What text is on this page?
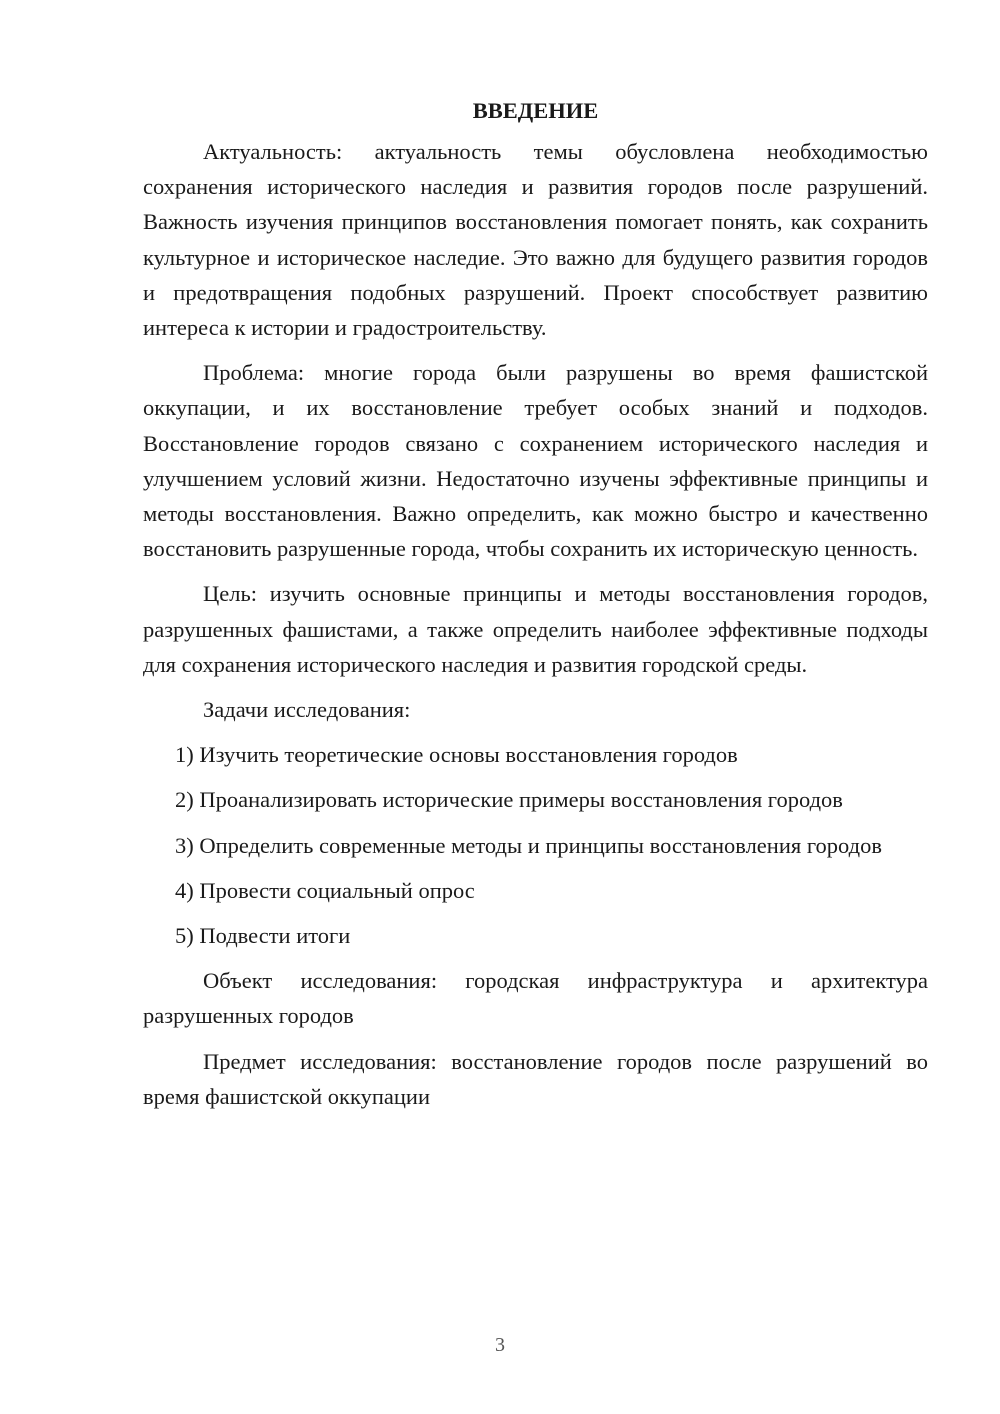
ВВЕДЕНИЕ

Актуальность: актуальность темы обусловлена необходимостью сохранения исторического наследия и развития городов после разрушений. Важность изучения принципов восстановления помогает понять, как сохранить культурное и историческое наследие. Это важно для будущего развития городов и предотвращения подобных разрушений. Проект способствует развитию интереса к истории и градостроительству.

Проблема: многие города были разрушены во время фашистской оккупации, и их восстановление требует особых знаний и подходов. Восстановление городов связано с сохранением исторического наследия и улучшением условий жизни. Недостаточно изучены эффективные принципы и методы восстановления. Важно определить, как можно быстро и качественно восстановить разрушенные города, чтобы сохранить их историческую ценность.

Цель: изучить основные принципы и методы восстановления городов, разрушенных фашистами, а также определить наиболее эффективные подходы для сохранения исторического наследия и развития городской среды.

Задачи исследования:

1) Изучить теоретические основы восстановления городов

2) Проанализировать исторические примеры восстановления городов

3) Определить современные методы и принципы восстановления городов

4) Провести социальный опрос

5) Подвести итоги

Объект исследования: городская инфраструктура и архитектура разрушенных городов

Предмет исследования: восстановление городов после разрушений во время фашистской оккупации

3
